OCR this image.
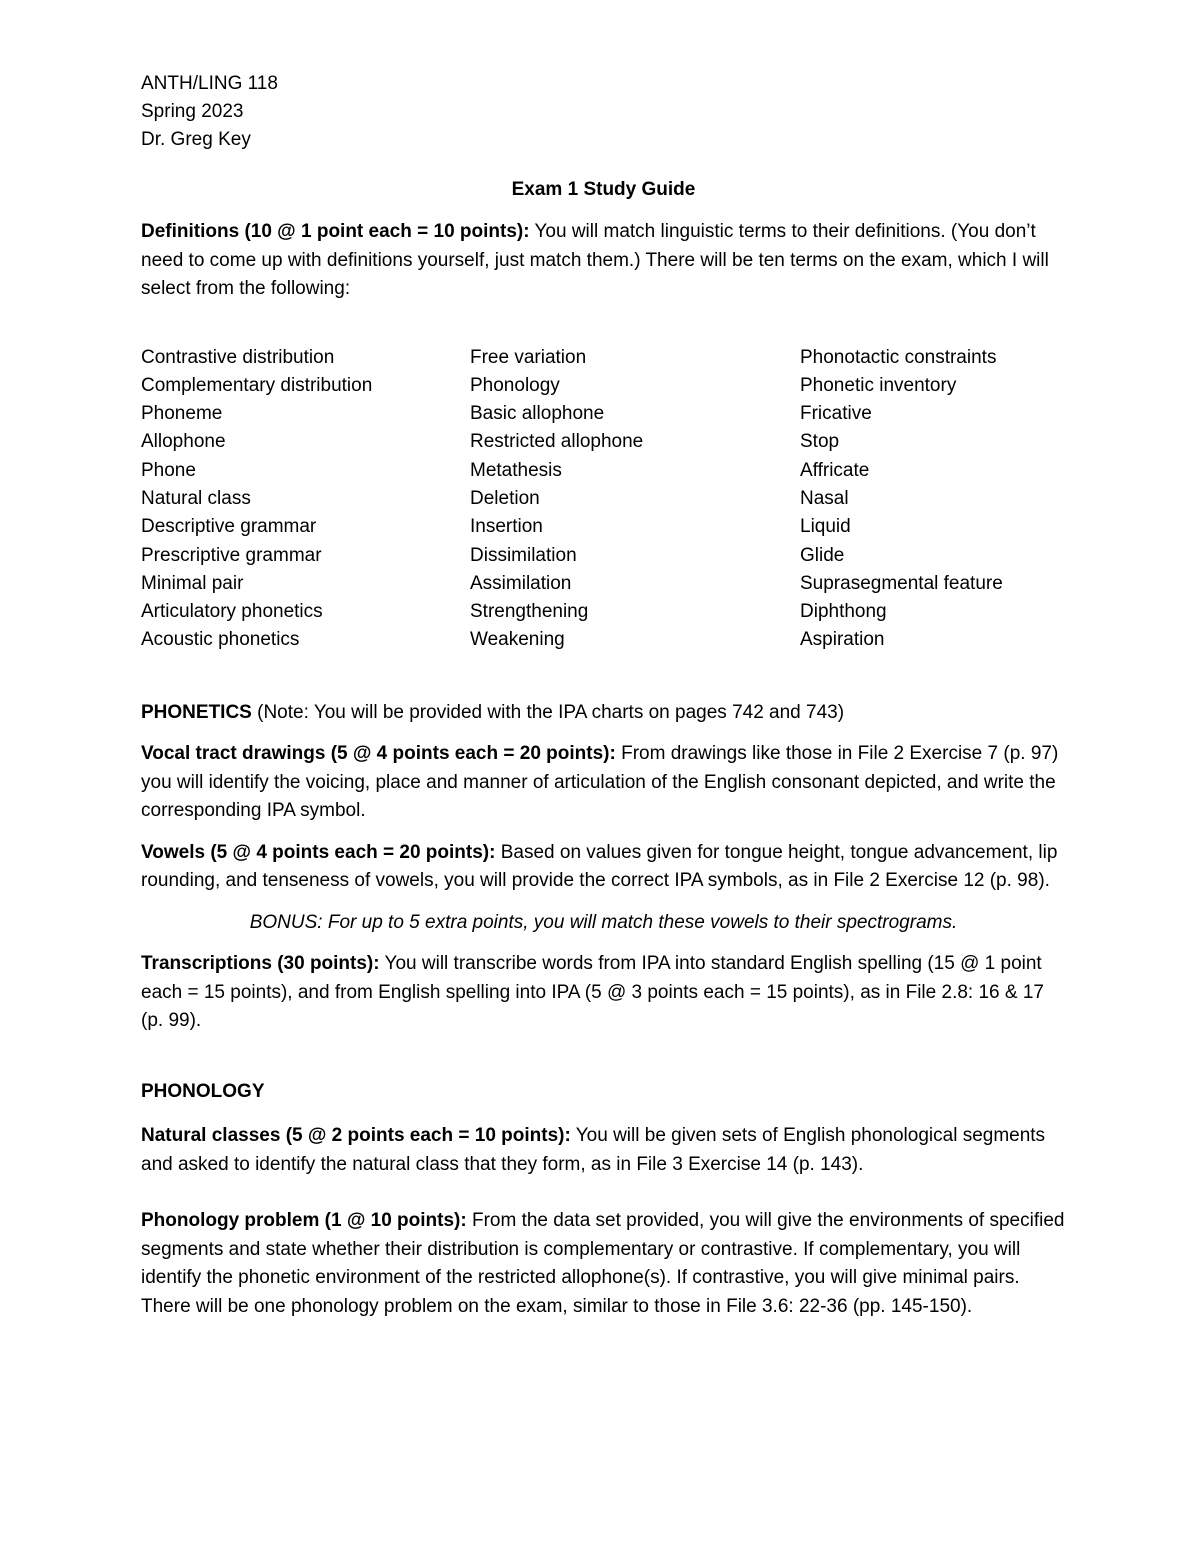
ANTH/LING 118
Spring 2023
Dr. Greg Key
Exam 1 Study Guide

Definitions (10 @ 1 point each = 10 points): You will match linguistic terms to their definitions. (You don’t need to come up with definitions yourself, just match them.) There will be ten terms on the exam, which I will select from the following:

Contrastive distribution
Complementary distribution
Phoneme
Allophone
Phone
Natural class
Descriptive grammar
Prescriptive grammar
Minimal pair
Articulatory phonetics
Acoustic phonetics
Free variation
Phonology
Basic allophone
Restricted allophone
Metathesis
Deletion
Insertion
Dissimilation
Assimilation
Strengthening
Weakening
Phonotactic constraints
Phonetic inventory
Fricative
Stop
Affricate
Nasal
Liquid
Glide
Suprasegmental feature
Diphthong
Aspiration

PHONETICS (Note: You will be provided with the IPA charts on pages 742 and 743)

Vocal tract drawings (5 @ 4 points each = 20 points): From drawings like those in File 2 Exercise 7 (p. 97) you will identify the voicing, place and manner of articulation of the English consonant depicted, and write the corresponding IPA symbol.

Vowels (5 @ 4 points each = 20 points): Based on values given for tongue height, tongue advancement, lip rounding, and tenseness of vowels, you will provide the correct IPA symbols, as in File 2 Exercise 12 (p. 98).

BONUS: For up to 5 extra points, you will match these vowels to their spectrograms.

Transcriptions (30 points): You will transcribe words from IPA into standard English spelling (15 @ 1 point each = 15 points), and from English spelling into IPA (5 @ 3 points each = 15 points), as in File 2.8: 16 & 17 (p. 99).

PHONOLOGY

Natural classes (5 @ 2 points each = 10 points): You will be given sets of English phonological segments and asked to identify the natural class that they form, as in File 3 Exercise 14 (p. 143).

Phonology problem (1 @ 10 points): From the data set provided, you will give the environments of specified segments and state whether their distribution is complementary or contrastive. If complementary, you will identify the phonetic environment of the restricted allophone(s). If contrastive, you will give minimal pairs. There will be one phonology problem on the exam, similar to those in File 3.6: 22-36 (pp. 145-150).
